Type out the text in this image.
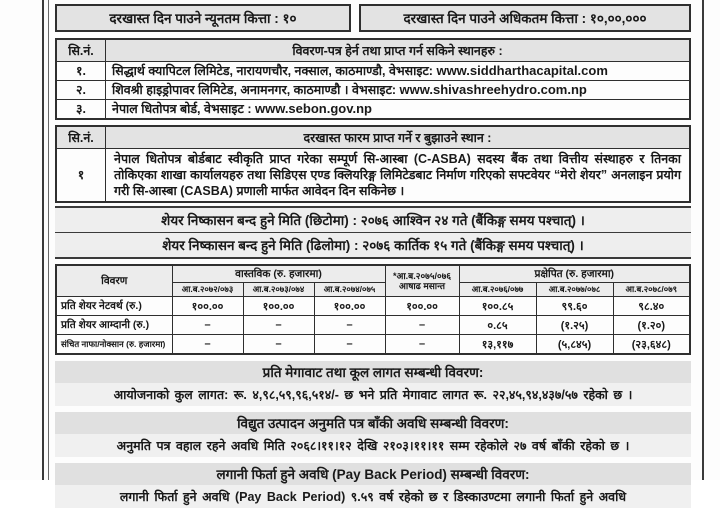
दरखास्त दिन पाउने न्यूनतम कित्ता : १०	दरखास्त दिन पाउने अधिकतम कित्ता : १०,००,०००
सि.नं.	विवरण-पत्र हेर्न तथा प्राप्त गर्न सकिने स्थानहरु :
१.	सिद्धार्थ क्यापिटल लिमिटेड, नारायणचौर, नक्साल, काठमाण्डौ, वेभसाइट: www.siddharthacapital.com
२.	शिवश्री हाइड्रोपावर लिमिटेड, अनामनगर, काठमाण्डौ । वेभसाइट: www.shivashreehydro.com.np
३.	नेपाल धितोपत्र बोर्ड, वेभसाइट : www.sebon.gov.np
सि.नं.	दरखास्त फारम प्राप्त गर्ने र बुझाउने स्थान :
१	नेपाल धितोपत्र बोर्डबाट स्वीकृति प्राप्त गरेका सम्पूर्ण सि-आस्बा (C-ASBA) सदस्य बैंक तथा वित्तीय संस्थाहरु र तिनका तोकिएका शाखा कार्यालयहरु तथा सिडिएस एण्ड क्लियरिङ्ग लिमिटेडबाट निर्माण गरिएको सफ्टवेयर “मेरो शेयर” अनलाइन प्रयोग गरी सि-आस्बा (CASBA) प्रणाली मार्फत आवेदन दिन सकिनेछ ।
शेयर निष्कासन बन्द हुने मिति (छिटोमा) : २०७६ आश्विन २४ गते (बैंकिङ्ग समय पश्चात्) ।
शेयर निष्कासन बन्द हुने मिति (ढिलोमा) : २०७६ कार्तिक १५ गते (बैंकिङ्ग समय पश्चात्) ।
विवरण	वास्तविक (रु. हजारमा)			*आ.ब.२०७५/०७६
आषाढ मसान्त	प्रक्षेपित (रु. हजारमा)		
	आ.ब.२०७२/०७३	आ.ब.२०७३/०७४	आ.ब.२०७४/०७५		आ.ब.२०७६/०७७	आ.ब.२०७७/०७८	आ.ब.२०७८/०७९
प्रति शेयर नेटवर्थ (रु.)	१००.००	१००.००	१००.००	१००.००	१००.८५	९९.६०	९८.४०
प्रति शेयर आम्दानी (रु.)	–	–	–	–	०.८५	(१.२५)	(१.२०)
संचित नाफा/नोक्सान (रु. हजारमा)	–	–	–	–	१३,११७	(५,८४५)	(२३,६४८)
प्रति मेगावाट तथा कूल लागत सम्बन्धी विवरण:
आयोजनाको कुल लागत: रू. ४,९८,५९,९६,५१४/- छ भने प्रति मेगावाट लागत रू. २२,४५,९४,४३७/५७ रहेको छ ।
विद्युत उत्पादन अनुमति पत्र बाँकी अवधि सम्बन्धी विवरण:
अनुमति पत्र वहाल रहने अवधि मिति २०६८।११।१२ देखि २१०३।११।११ सम्म रहेकोले २७ वर्ष बाँकी रहेको छ ।
लगानी फिर्ता हुने अवधि (Pay Back Period) सम्बन्धी विवरण:
लगानी फिर्ता हुने अवधि (Pay Back Period) ९.५९ वर्ष रहेको छ र डिस्काउण्टमा लगानी फिर्ता हुने अवधि
